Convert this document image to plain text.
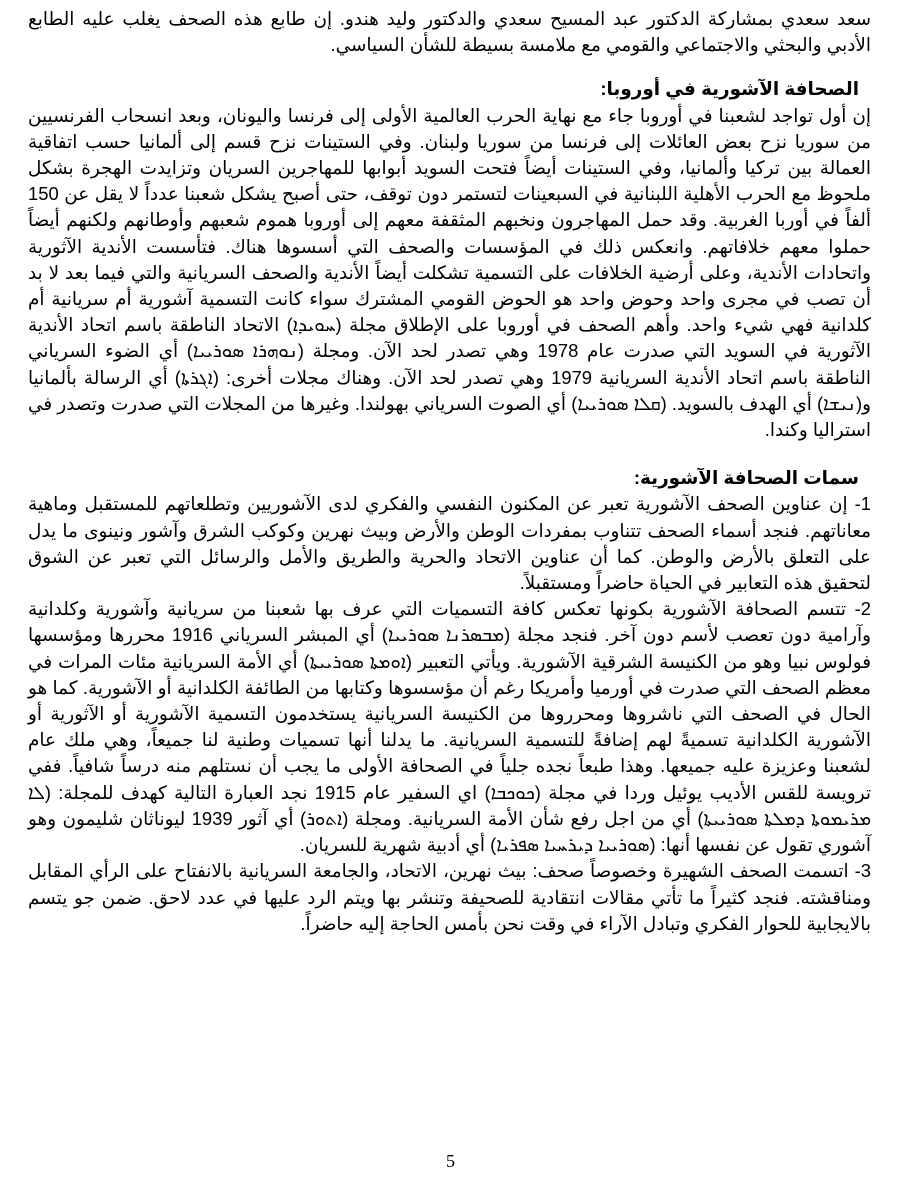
سعد سعدي بمشاركة الدكتور عبد المسيح سعدي والدكتور وليد هندو. إن طابع هذه الصحف يغلب عليه الطابع الأدبي والبحثي والاجتماعي والقومي مع ملامسة بسيطة للشأن السياسي.

الصحافة الآشورية في أوروبا:

إن أول تواجد لشعبنا في أوروبا جاء مع نهاية الحرب العالمية الأولى إلى فرنسا واليونان، وبعد انسحاب الفرنسيين من سوريا نزح بعض العائلات إلى فرنسا من سوريا ولبنان. وفي الستينات نزح قسم إلى ألمانيا حسب اتفاقية العمالة بين تركيا وألمانيا، وفي الستينات أيضاً فتحت السويد أبوابها للمهاجرين السريان وتزايدت الهجرة بشكل ملحوظ مع الحرب الأهلية اللبنانية في السبعينات لتستمر دون توقف، حتى أصبح يشكل شعبنا عدداً لا يقل عن 150 ألفاً في أوربا الغربية. وقد حمل المهاجرون ونخبهم المثقفة معهم إلى أوروبا هموم شعبهم وأوطانهم ولكنهم أيضاً حملوا معهم خلافاتهم. وانعكس ذلك في المؤسسات والصحف التي أسسوها هناك. فتأسست الأندية الآثورية واتحادات الأندية، وعلى أرضية الخلافات على التسمية تشكلت أيضاً الأندية والصحف السريانية والتي فيما بعد لا بد أن تصب في مجرى واحد وحوض واحد هو الحوض القومي المشترك سواء كانت التسمية آشورية أم سريانية أم كلدانية فهي شيء واحد. وأهم الصحف في أوروبا على الإطلاق مجلة (ܚܘܝܕܐ) الاتحاد الناطقة باسم اتحاد الأندية الآثورية في السويد التي صدرت عام 1978 وهي تصدر لحد الآن. ومجلة (ܢܘܗܪܐ ܣܘܪܝܝܐ) أي الضوء السرياني الناطقة باسم اتحاد الأندية السريانية 1979 وهي تصدر لحد الآن. وهناك مجلات أخرى: (ܐܓܪܬܐ) أي الرسالة بألمانيا و(ܢܝܫܐ) أي الهدف بالسويد. (ܩܠܐ ܣܘܪܝܝܐ) أي الصوت السرياني بهولندا. وغيرها من المجلات التي صدرت وتصدر في استراليا وكندا.

سمات الصحافة الآشورية:

1- إن عناوين الصحف الآشورية تعبر عن المكنون النفسي والفكري لدى الآشوريين وتطلعاتهم للمستقبل وماهية معاناتهم. فنجد أسماء الصحف تتناوب بمفردات الوطن والأرض وبيث نهرين وكوكب الشرق وآشور ونينوى ما يدل على التعلق بالأرض والوطن. كما أن عناوين الاتحاد والحرية والطريق والأمل والرسائل التي تعبر عن الشوق لتحقيق هذه التعابير في الحياة حاضراً ومستقبلاً.

2- تتسم الصحافة الآشورية بكونها تعكس كافة التسميات التي عرف بها شعبنا من سريانية وآشورية وكلدانية وآرامية دون تعصب لأسم دون آخر. فنجد مجلة (ܡܒܣܪܢܐ ܣܘܪܝܝܐ) أي المبشر السرياني 1916 محررها ومؤسسها فولوس نبيا وهو من الكنيسة الشرقية الآشورية. ويأتي التعبير (ܐܘܡܬܐ ܣܘܪܝܝܬܐ) أي الأمة السريانية مئات المرات في معظم الصحف التي صدرت في أورميا وأمريكا رغم أن مؤسسوها وكتابها من الطائفة الكلدانية أو الآشورية. كما هو الحال في الصحف التي ناشروها ومحرروها من الكنيسة السريانية يستخدمون التسمية الآشورية أو الآثورية أو الآشورية الكلدانية تسميةً لهم إضافةً للتسمية السريانية. ما يدلنا أنها تسميات وطنية لنا جميعاً، وهي ملك عام لشعبنا وعزيزة عليه جميعها. وهذا طبعاً نجده جلياً في الصحافة الأولى ما يجب أن نستلهم منه درساً شافياً. ففي ترويسة للقس الأديب يوئيل وردا في مجلة (ܟܘܟܒܐ) اي السفير عام 1915 نجد العبارة التالية كهدف للمجلة: (ܠܐ ܡܪܝܡܘܬܐ ܕܡܠܬܐ ܣܘܪܝܝܬܐ) أي من اجل رفع شأن الأمة السريانية. ومجلة (ܐܬܘܪ) أي آثور 1939 ليوناثان شليمون وهو آشوري تقول عن نفسها أنها: (ܣܘܪܝܝܐ ܕܝܪܚܝܐ ܣܦܪܝܐ) أي أدبية شهرية للسريان.

3- اتسمت الصحف الشهيرة وخصوصاً صحف: بيث نهرين، الاتحاد، والجامعة السريانية بالانفتاح على الرأي المقابل ومناقشته. فنجد كثيراً ما تأتي مقالات انتقادية للصحيفة وتنشر بها ويتم الرد عليها في عدد لاحق. ضمن جو يتسم بالايجابية للحوار الفكري وتبادل الآراء في وقت نحن بأمس الحاجة إليه حاضراً.

5
